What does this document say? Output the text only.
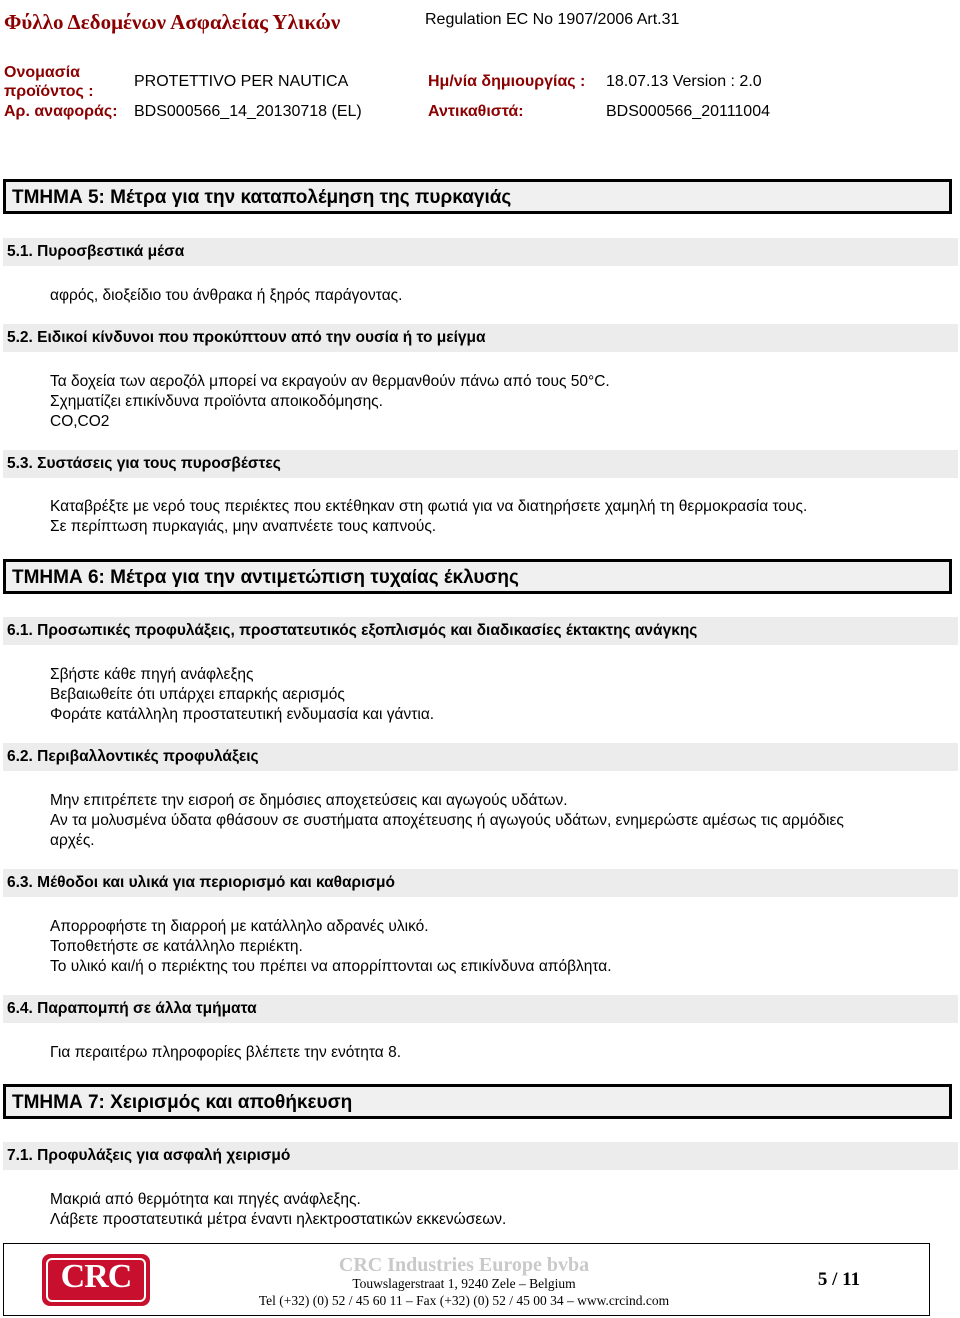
Φύλλο Δεδομένων Ασφαλείας Υλικών	Regulation EC No 1907/2006 Art.31
Ονομασία
προϊόντος :
PROTETTIVO PER NAUTICA	Ημ/νία δημιουργίας : 18.07.13 Version : 2.0
Αρ. αναφοράς: BDS000566_14_20130718 (EL)	Αντικαθιστά:	BDS000566_20111004
ΤΜΗΜΑ 5: Μέτρα για την καταπολέμηση της πυρκαγιάς
5.1. Πυροσβεστικά μέσα
αφρός, διοξείδιο του άνθρακα ή ξηρός παράγοντας.
5.2. Ειδικοί κίνδυνοι που προκύπτουν από την ουσία ή το μείγμα
Τα δοχεία των αεροζόλ μπορεί να εκραγούν αν θερμανθούν πάνω από τους 50°C.
Σχηματίζει επικίνδυνα προϊόντα αποικοδόμησης.
CO,CO2
5.3. Συστάσεις για τους πυροσβέστες
Καταβρέξτε με νερό τους περιέκτες που εκτέθηκαν στη φωτιά για να διατηρήσετε χαμηλή τη θερμοκρασία τους.
Σε περίπτωση πυρκαγιάς, μην αναπνέετε τους καπνούς.
ΤΜΗΜΑ 6: Μέτρα για την αντιμετώπιση τυχαίας έκλυσης
6.1. Προσωπικές προφυλάξεις, προστατευτικός εξοπλισμός και διαδικασίες έκτακτης ανάγκης
Σβήστε κάθε πηγή ανάφλεξης
Βεβαιωθείτε ότι υπάρχει επαρκής αερισμός
Φοράτε κατάλληλη προστατευτική ενδυμασία και γάντια.
6.2. Περιβαλλοντικές προφυλάξεις
Μην επιτρέπετε την εισροή σε δημόσιες αποχετεύσεις και αγωγούς υδάτων.
Αν τα μολυσμένα ύδατα φθάσουν σε συστήματα αποχέτευσης ή αγωγούς υδάτων, ενημερώστε αμέσως τις αρμόδιες αρχές.
6.3. Μέθοδοι και υλικά για περιορισμό και καθαρισμό
Απορροφήστε τη διαρροή με κατάλληλο αδρανές υλικό.
Τοποθετήστε σε κατάλληλο περιέκτη.
Το υλικό και/ή ο περιέκτης του πρέπει να απορρίπτονται ως επικίνδυνα απόβλητα.
6.4. Παραπομπή σε άλλα τμήματα
Για περαιτέρω πληροφορίες βλέπετε την ενότητα 8.
ΤΜΗΜΑ 7: Χειρισμός και αποθήκευση
7.1. Προφυλάξεις για ασφαλή χειρισμό
Μακριά από θερμότητα και πηγές ανάφλεξης.
Λάβετε προστατευτικά μέτρα έναντι ηλεκτροστατικών εκκενώσεων.
CRC	CRC Industries Europe bvba
Touwslagerstraat 1, 9240 Zele – Belgium
Tel (+32) (0) 52 / 45 60 11 – Fax (+32) (0) 52 / 45 00 34 – www.crcind.com
5 / 11
